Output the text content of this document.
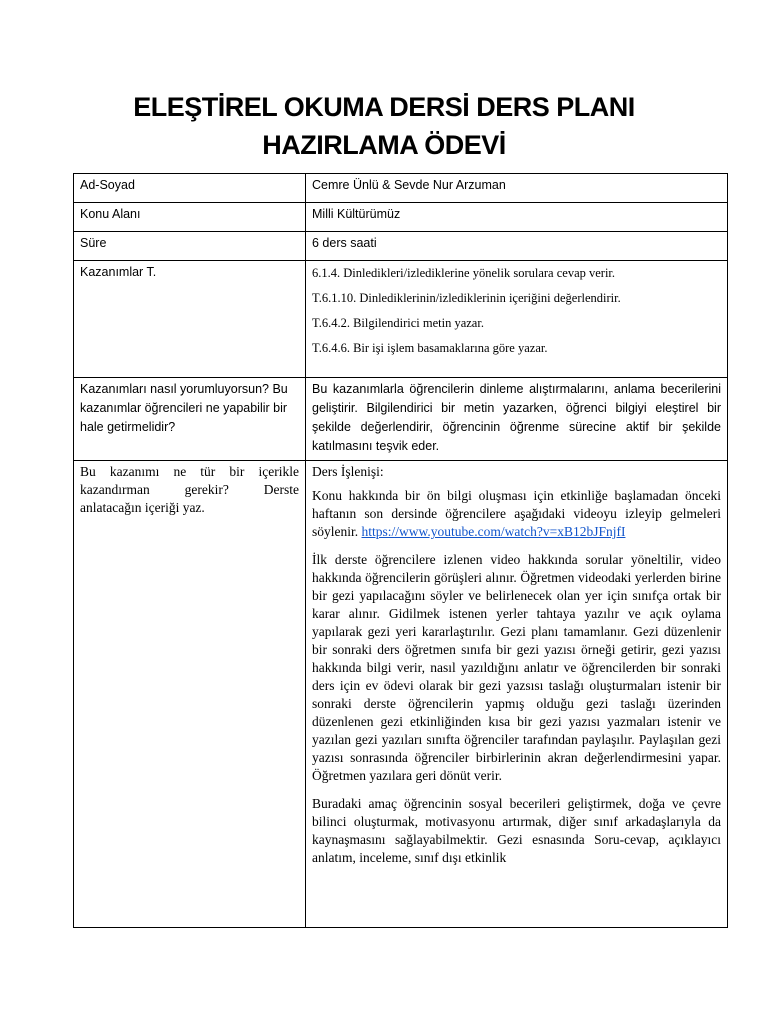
ELEŞTİREL OKUMA DERSİ DERS PLANI
HAZIRLAMA ÖDEVİ
Ad-Soyad	Cemre Ünlü & Sevde Nur Arzuman
Konu Alanı	Milli Kültürümüz
Süre	6 ders saati
Kazanımlar T.	6.1.4. Dinledikleri/izlediklerine yönelik sorulara cevap verir.
T.6.1.10. Dinlediklerinin/izlediklerinin içeriğini değerlendirir.
T.6.4.2. Bilgilendirici metin yazar.
T.6.4.6. Bir işi işlem basamaklarına göre yazar.

Kazanımları nasıl yorumluyorsun? Bu kazanımlar öğrencileri ne yapabilir bir hale getirmelidir?	Bu kazanımlarla öğrencilerin dinleme alıştırmalarını, anlama becerilerini geliştirir. Bilgilendirici bir metin yazarken, öğrenci bilgiyi eleştirel bir şekilde değerlendirir, öğrencinin öğrenme sürecine aktif bir şekilde katılmasını teşvik eder.
Bu kazanımı ne tür bir içerikle kazandırman gerekir? Derste anlatacağın içeriği yaz.	Ders İşlenişi:
Konu hakkında bir ön bilgi oluşması için etkinliğe başlamadan önceki haftanın son dersinde öğrencilere aşağıdaki videoyu izleyip gelmeleri söylenir. https://www.youtube.com/watch?v=xB12bJFnjfI
İlk derste öğrencilere izlenen video hakkında sorular yöneltilir, video hakkında öğrencilerin görüşleri alınır. Öğretmen videodaki yerlerden birine bir gezi yapılacağını söyler ve belirlenecek olan yer için sınıfça ortak bir karar alınır. Gidilmek istenen yerler tahtaya yazılır ve açık oylama yapılarak gezi yeri kararlaştırılır. Gezi planı tamamlanır. Gezi düzenlenir bir sonraki ders öğretmen sınıfa bir gezi yazısı örneği getirir, gezi yazısı hakkında bilgi verir, nasıl yazıldığını anlatır ve öğrencilerden bir sonraki ders için ev ödevi olarak bir gezi yazsısı taslağı oluşturmaları istenir bir sonraki derste öğrencilerin yapmış olduğu gezi taslağı üzerinden düzenlenen gezi etkinliğinden kısa bir gezi yazısı yazmaları istenir ve yazılan gezi yazıları sınıfta öğrenciler tarafından paylaşılır. Paylaşılan gezi yazısı sonrasında öğrenciler birbirlerinin akran değerlendirmesini yapar. Öğretmen yazılara geri dönüt verir.
Buradaki amaç öğrencinin sosyal becerileri geliştirmek, doğa ve çevre bilinci oluşturmak, motivasyonu artırmak, diğer sınıf arkadaşlarıyla da kaynaşmasını sağlayabilmektir. Gezi esnasında Soru-cevap, açıklayıcı anlatım, inceleme, sınıf dışı etkinlik
